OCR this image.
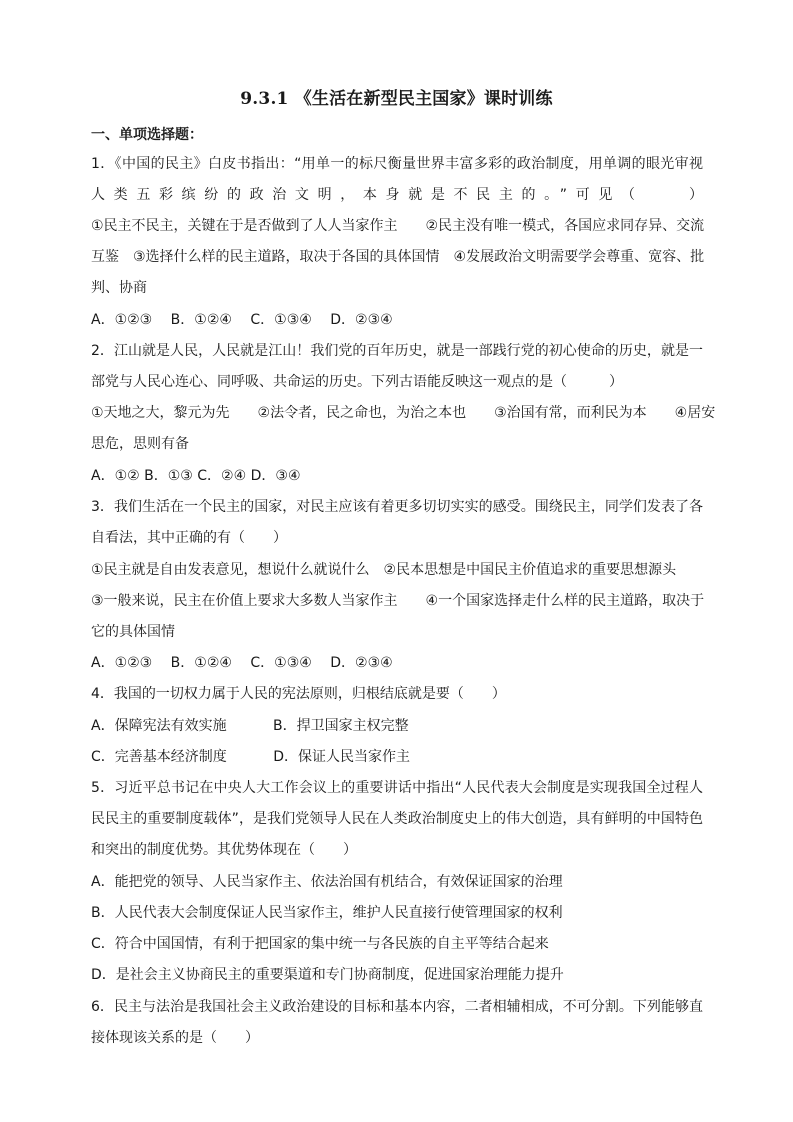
9.3.1 《生活在新型民主国家》课时训练
一、单项选择题：
1．《中国的民主》白皮书指出：“用单一的标尺衡量世界丰富多彩的政治制度，用单调的眼光审视
人类五彩缤纷的政治文明，本身就是不民主的。”可见（　　）
①民主不民主，关键在于是否做到了人人当家作主　　②民主没有唯一模式，各国应求同存异、交流
互鉴　③选择什么样的民主道路，取决于各国的具体国情　④发展政治文明需要学会尊重、宽容、批
判、协商
A．①②③　 B．①②④　 C．①③④　 D．②③④
2．江山就是人民，人民就是江山！我们党的百年历史，就是一部践行党的初心使命的历史，就是一
部党与人民心连心、同呼吸、共命运的历史。下列古语能反映这一观点的是（　　　）
①天地之大，黎元为先　　②法令者，民之命也，为治之本也　　③治国有常，而利民为本　　④居安
思危，思则有备
A．①② B．①③ C．②④ D．③④
3．我们生活在一个民主的国家，对民主应该有着更多切切实实的感受。围绕民主，同学们发表了各
自看法，其中正确的有（　　）
①民主就是自由发表意见，想说什么就说什么　②民本思想是中国民主价值追求的重要思想源头
③一般来说，民主在价值上要求大多数人当家作主　　④一个国家选择走什么样的民主道路，取决于
它的具体国情
A．①②③　 B．①②④　 C．①③④　 D．②③④
4．我国的一切权力属于人民的宪法原则，归根结底就是要（　　）
A．保障宪法有效实施　　　 B．捍卫国家主权完整
C．完善基本经济制度　　　 D．保证人民当家作主
5．习近平总书记在中央人大工作会议上的重要讲话中指出“人民代表大会制度是实现我国全过程人
民民主的重要制度载体”，是我们党领导人民在人类政治制度史上的伟大创造，具有鲜明的中国特色
和突出的制度优势。其优势体现在（　　）
A．能把党的领导、人民当家作主、依法治国有机结合，有效保证国家的治理
B．人民代表大会制度保证人民当家作主，维护人民直接行使管理国家的权利
C．符合中国国情，有利于把国家的集中统一与各民族的自主平等结合起来
D．是社会主义协商民主的重要渠道和专门协商制度，促进国家治理能力提升
6．民主与法治是我国社会主义政治建设的目标和基本内容，二者相辅相成，不可分割。下列能够直
接体现该关系的是（　　）
